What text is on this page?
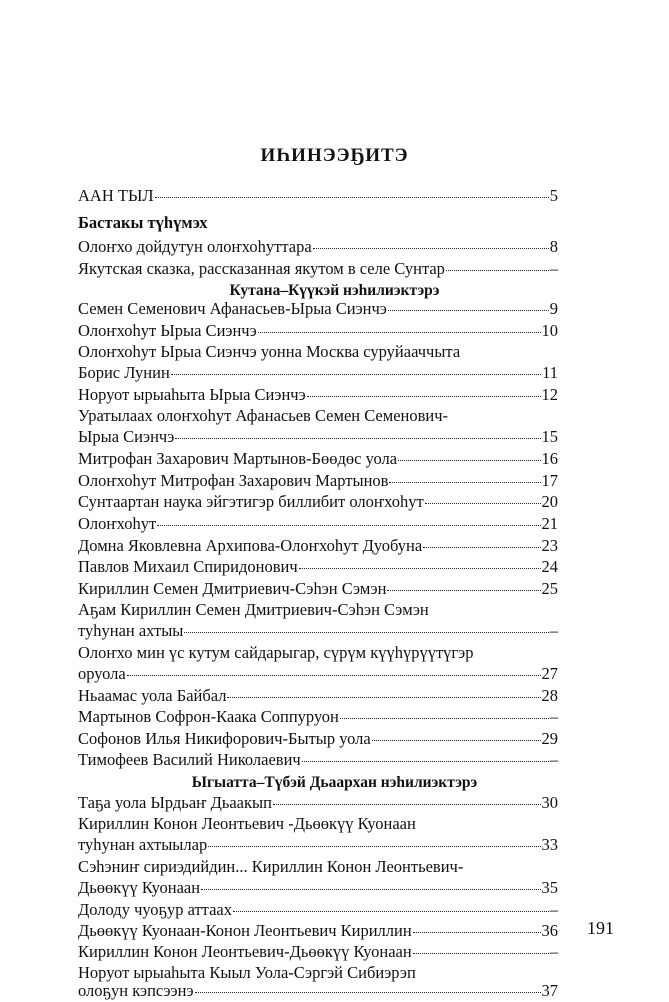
ИҺИНЭЭҔИТЭ
ААН ТЫЛ	5
Бастакы түһүмэх
Олоҥхо дойдутун олоҥхоһуттара	8
Якутская сказка, рассказанная якутом в селе Сунтар	–
Кутана–Күүкэй нэһилиэктэрэ
Семен Семенович Афанасьев-Ырыа Сиэнчэ	9
Олоҥхоһут Ырыа Сиэнчэ	10
Олоҥхоһут Ырыа Сиэнчэ уонна Москва суруйааччыта
Борис Лунин	11
Норуот ырыаһыта Ырыа Сиэнчэ	12
Уратылаах олоҥхоһут Афанасьев Семен Семенович-
Ырыа Сиэнчэ	15
Митрофан Захарович Мартынов-Бөөдөс уола	16
Олоҥхоһут Митрофан Захарович Мартынов	17
Сунтаартан наука эйгэтигэр биллибит олоҥхоһут	20
Олоҥхоһут	21
Домна Яковлевна Архипова-Олоҥхоһут Дуобуна	23
Павлов Михаил Спиридонович	24
Кириллин Семен Дмитриевич-Сэһэн Сэмэн	25
Аҕам Кириллин Семен Дмитриевич-Сэһэн Сэмэн
туһунан ахтыы	–
Олоҥхо мин үс кутум сайдарыгар, сүрүм күүһүрүүтүгэр
оруола	27
Ньаамас уола Байбал	28
Мартынов Софрон-Каака Соппуруон	–
Софонов Илья Никифорович-Бытыр уола	29
Тимофеев Василий Николаевич	–
Ыгыатта–Түбэй Дьаархан нэһилиэктэрэ
Таҕа уола Ырдьаҥ Дьаакып	30
Кириллин Конон Леонтьевич -Дьөөкүү Куонаан
туһунан ахтыылар	33
Сэһэниҥ сириэдийдин... Кириллин Конон Леонтьевич-
Дьөөкүү Куонаан	35
Долоду чуоҕур аттаах	–
Дьөөкүү Куонаан-Конон Леонтьевич Кириллин	36
Кириллин Конон Леонтьевич-Дьөөкүү Куонаан	–
Норуот ырыаһыта Кыыл Уола-Сэргэй Сибиэрэп
олоҕун кэпсээнэ	37
191
